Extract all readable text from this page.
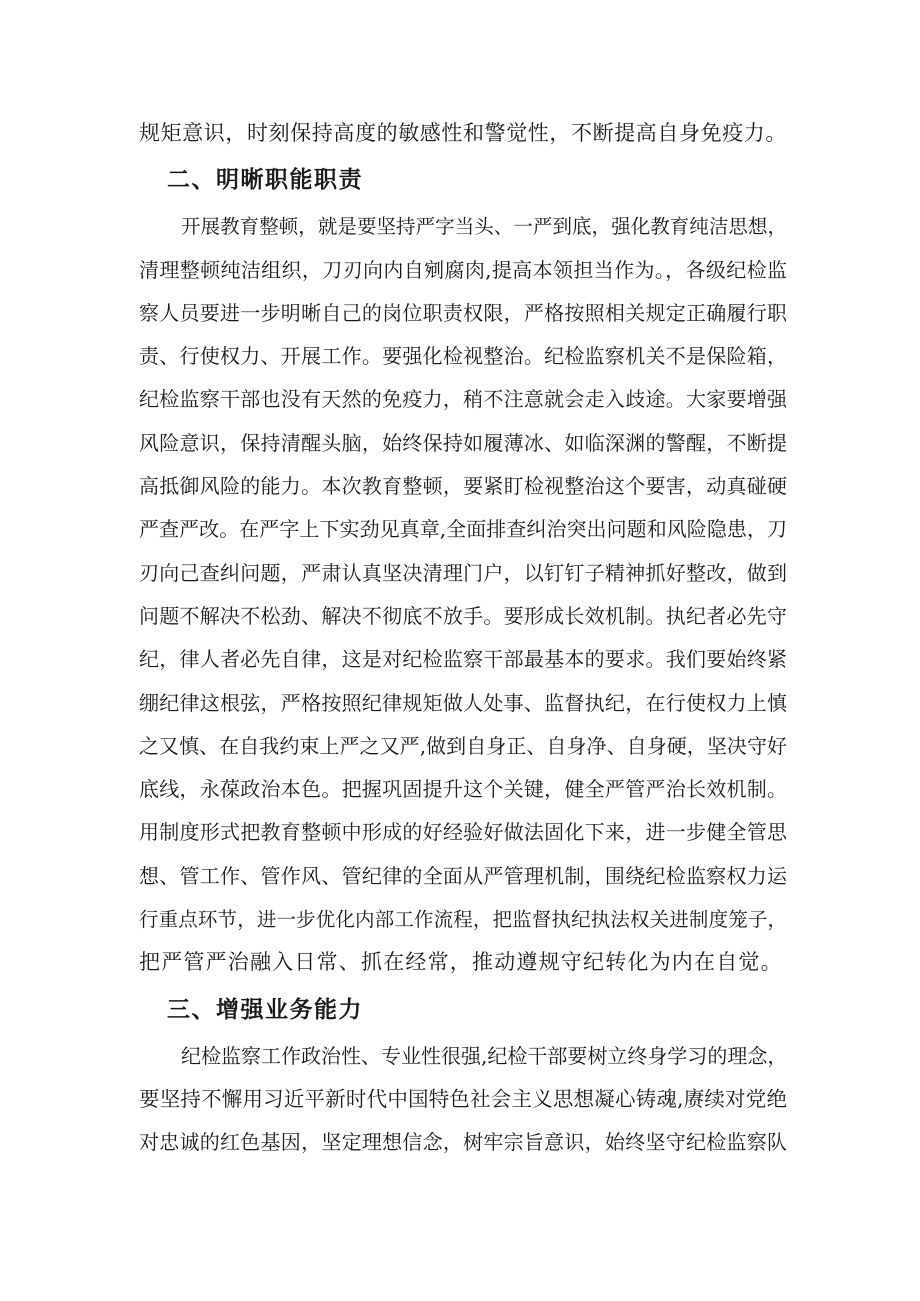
规矩意识，时刻保持高度的敏感性和警觉性，不断提高自身免疫力。
二、明晰职能职责
开展教育整顿，就是要坚持严字当头、一严到底，强化教育纯洁思想，
清理整顿纯洁组织，刀刃向内自剜腐肉,提高本领担当作为。，各级纪检监
察人员要进一步明晰自己的岗位职责权限，严格按照相关规定正确履行职
责、行使权力、开展工作。要强化检视整治。纪检监察机关不是保险箱，
纪检监察干部也没有天然的免疫力，稍不注意就会走入歧途。大家要增强
风险意识，保持清醒头脑，始终保持如履薄冰、如临深渊的警醒，不断提
高抵御风险的能力。本次教育整顿，要紧盯检视整治这个要害，动真碰硬
严查严改。在严字上下实劲见真章,全面排查纠治突出问题和风险隐患，刀
刃向己查纠问题，严肃认真坚决清理门户，以钉钉子精神抓好整改，做到
问题不解决不松劲、解决不彻底不放手。要形成长效机制。执纪者必先守
纪，律人者必先自律，这是对纪检监察干部最基本的要求。我们要始终紧
绷纪律这根弦，严格按照纪律规矩做人处事、监督执纪，在行使权力上慎
之又慎、在自我约束上严之又严,做到自身正、自身净、自身硬，坚决守好
底线，永葆政治本色。把握巩固提升这个关键，健全严管严治长效机制。
用制度形式把教育整顿中形成的好经验好做法固化下来，进一步健全管思
想、管工作、管作风、管纪律的全面从严管理机制，围绕纪检监察权力运
行重点环节，进一步优化内部工作流程，把监督执纪执法权关进制度笼子，
把严管严治融入日常、抓在经常，推动遵规守纪转化为内在自觉。
三、增强业务能力
纪检监察工作政治性、专业性很强,纪检干部要树立终身学习的理念，
要坚持不懈用习近平新时代中国特色社会主义思想凝心铸魂,赓续对党绝
对忠诚的红色基因，坚定理想信念，树牢宗旨意识，始终坚守纪检监察队
